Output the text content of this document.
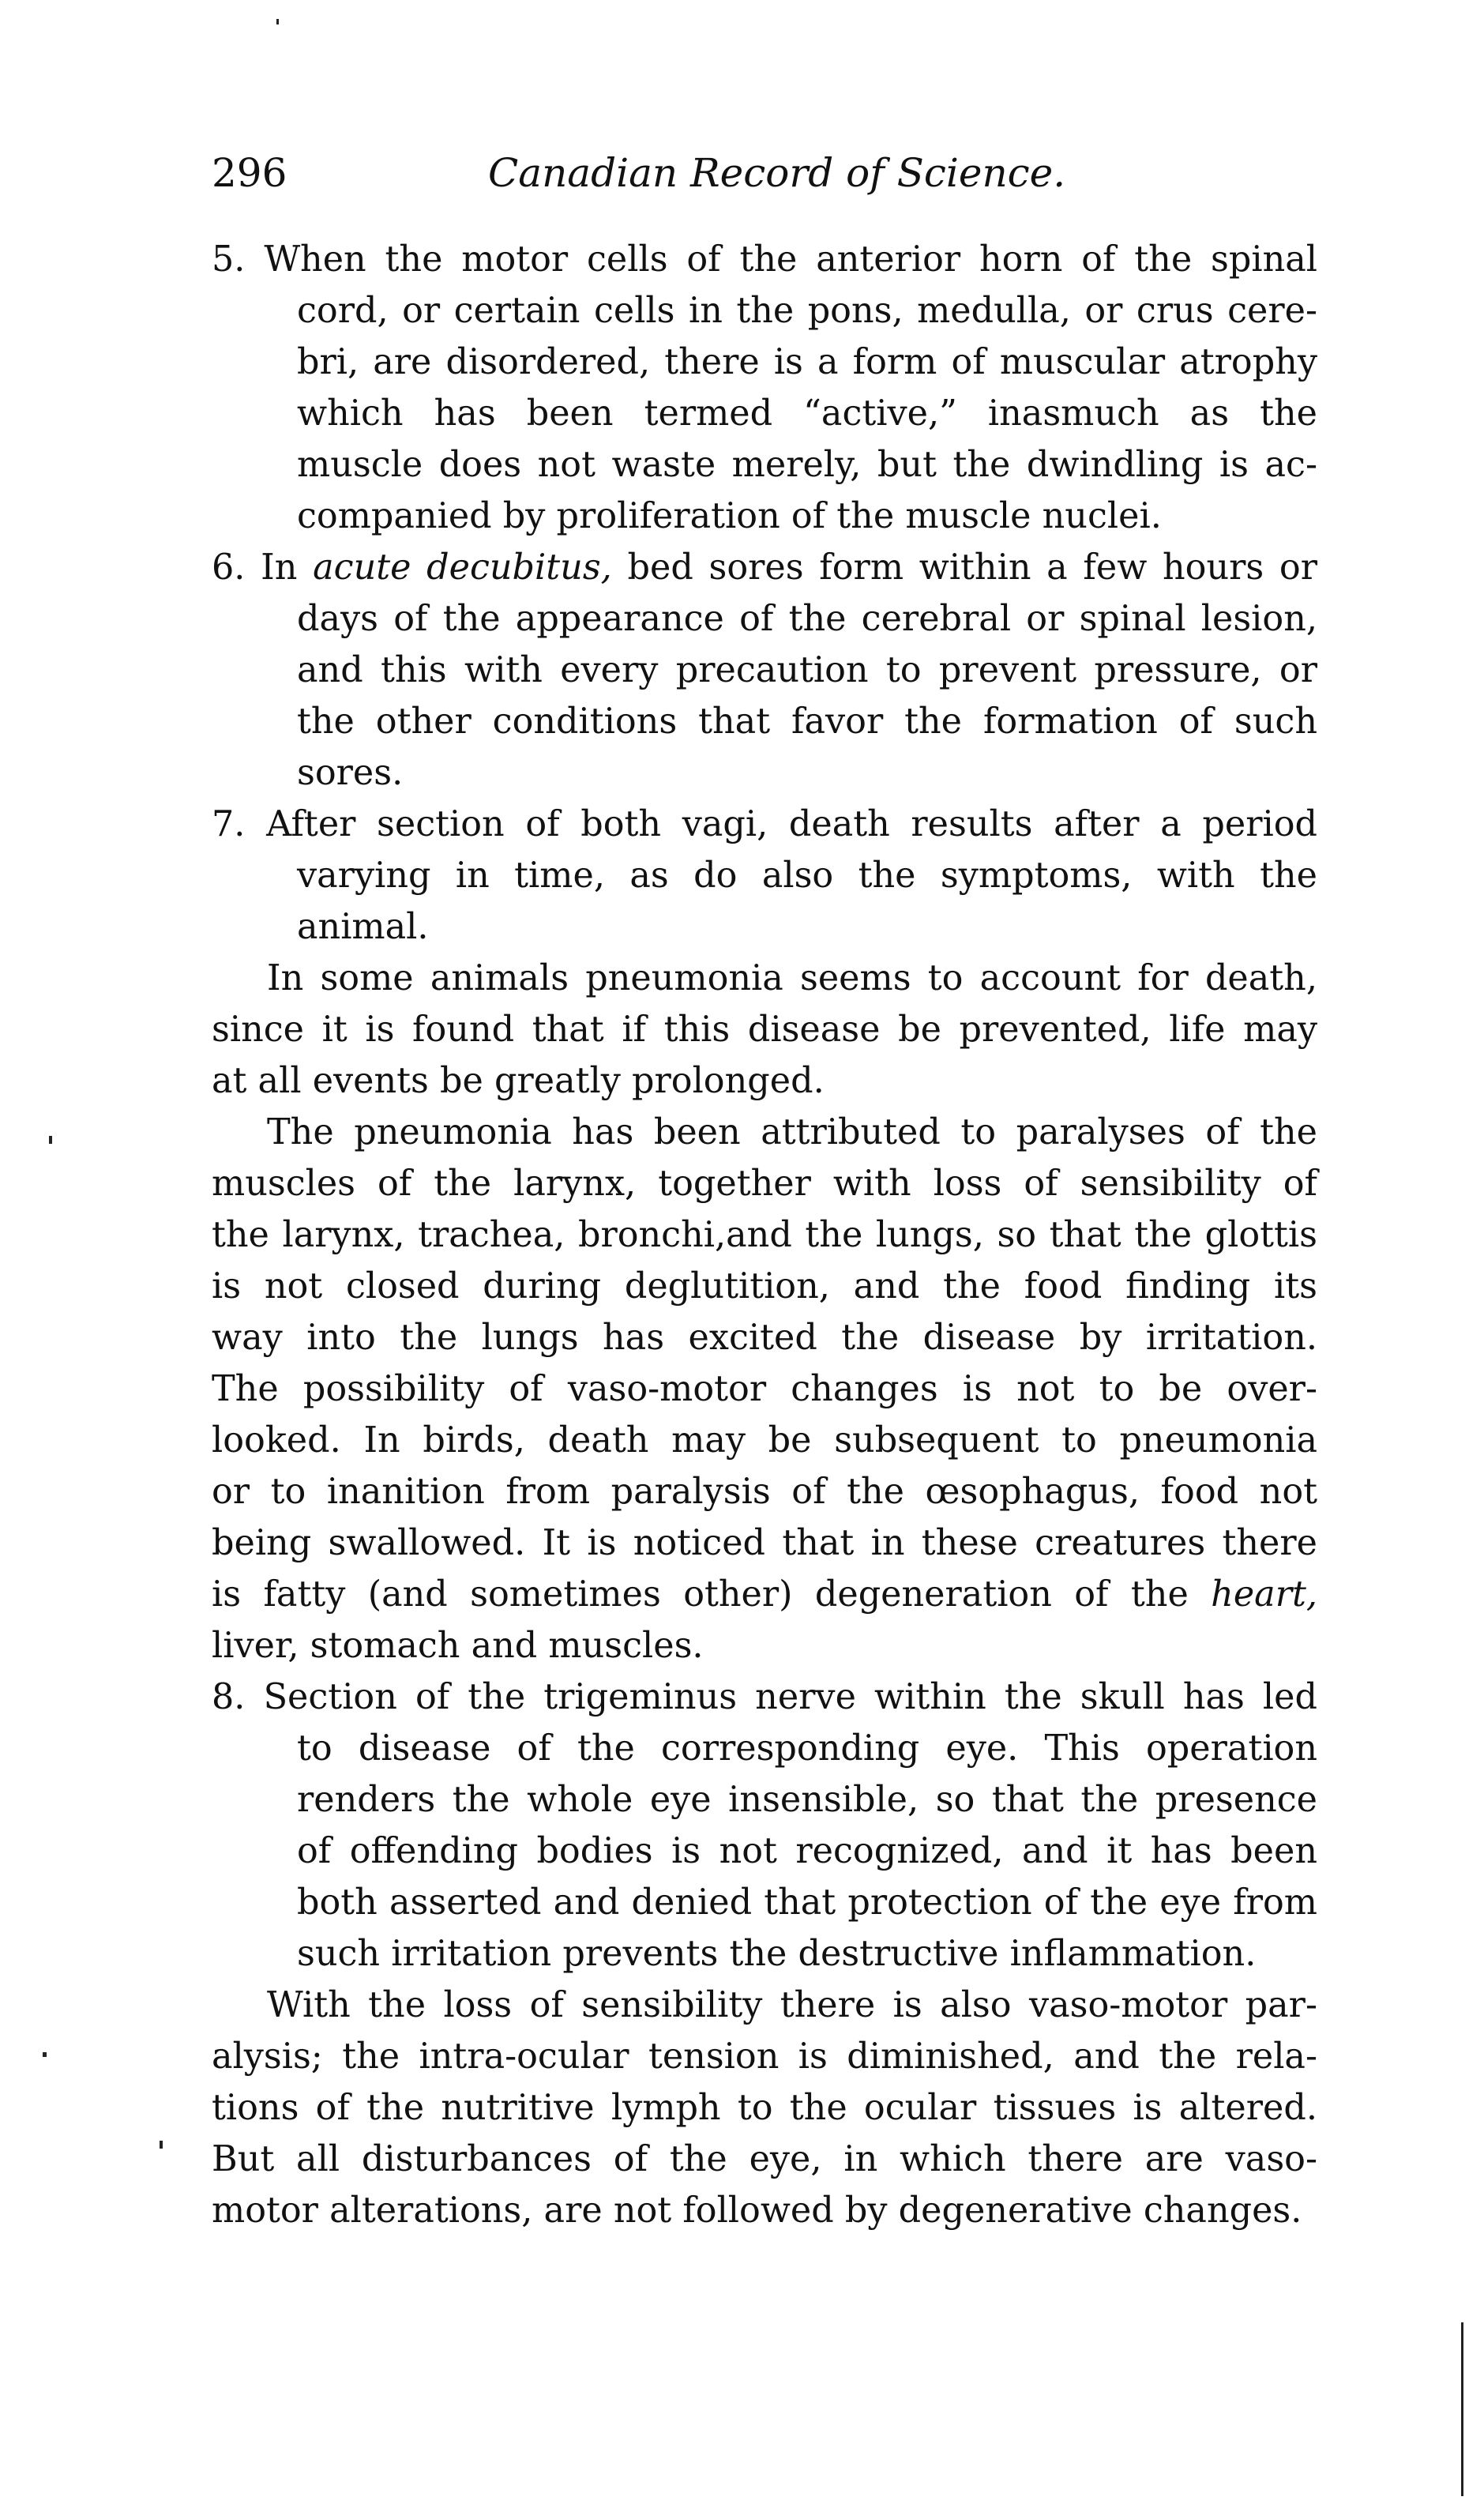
296	Canadian Record of Science.
5. When the motor cells of the anterior horn of the spinal
cord, or certain cells in the pons, medulla, or crus cere-
bri, are disordered, there is a form of muscular atrophy
which has been termed “active,” inasmuch as the
muscle does not waste merely, but the dwindling is ac-
companied by proliferation of the muscle nuclei.
6. In acute decubitus, bed sores form within a few hours or
days of the appearance of the cerebral or spinal lesion,
and this with every precaution to prevent pressure, or
the other conditions that favor the formation of such
sores.
7. After section of both vagi, death results after a period
varying in time, as do also the symptoms, with the
animal.
In some animals pneumonia seems to account for death,
since it is found that if this disease be prevented, life may
at all events be greatly prolonged.
The pneumonia has been attributed to paralyses of the
muscles of the larynx, together with loss of sensibility of
the larynx, trachea, bronchi,and the lungs, so that the glottis
is not closed during deglutition, and the food finding its
way into the lungs has excited the disease by irritation.
The possibility of vaso-motor changes is not to be over-
looked. In birds, death may be subsequent to pneumonia
or to inanition from paralysis of the œsophagus, food not
being swallowed. It is noticed that in these creatures there
is fatty (and sometimes other) degeneration of the heart,
liver, stomach and muscles.
8. Section of the trigeminus nerve within the skull has led
to disease of the corresponding eye. This operation
renders the whole eye insensible, so that the presence
of offending bodies is not recognized, and it has been
both asserted and denied that protection of the eye from
such irritation prevents the destructive inflammation.
With the loss of sensibility there is also vaso-motor par-
alysis; the intra-ocular tension is diminished, and the rela-
tions of the nutritive lymph to the ocular tissues is altered.
But all disturbances of the eye, in which there are vaso-
motor alterations, are not followed by degenerative changes.
